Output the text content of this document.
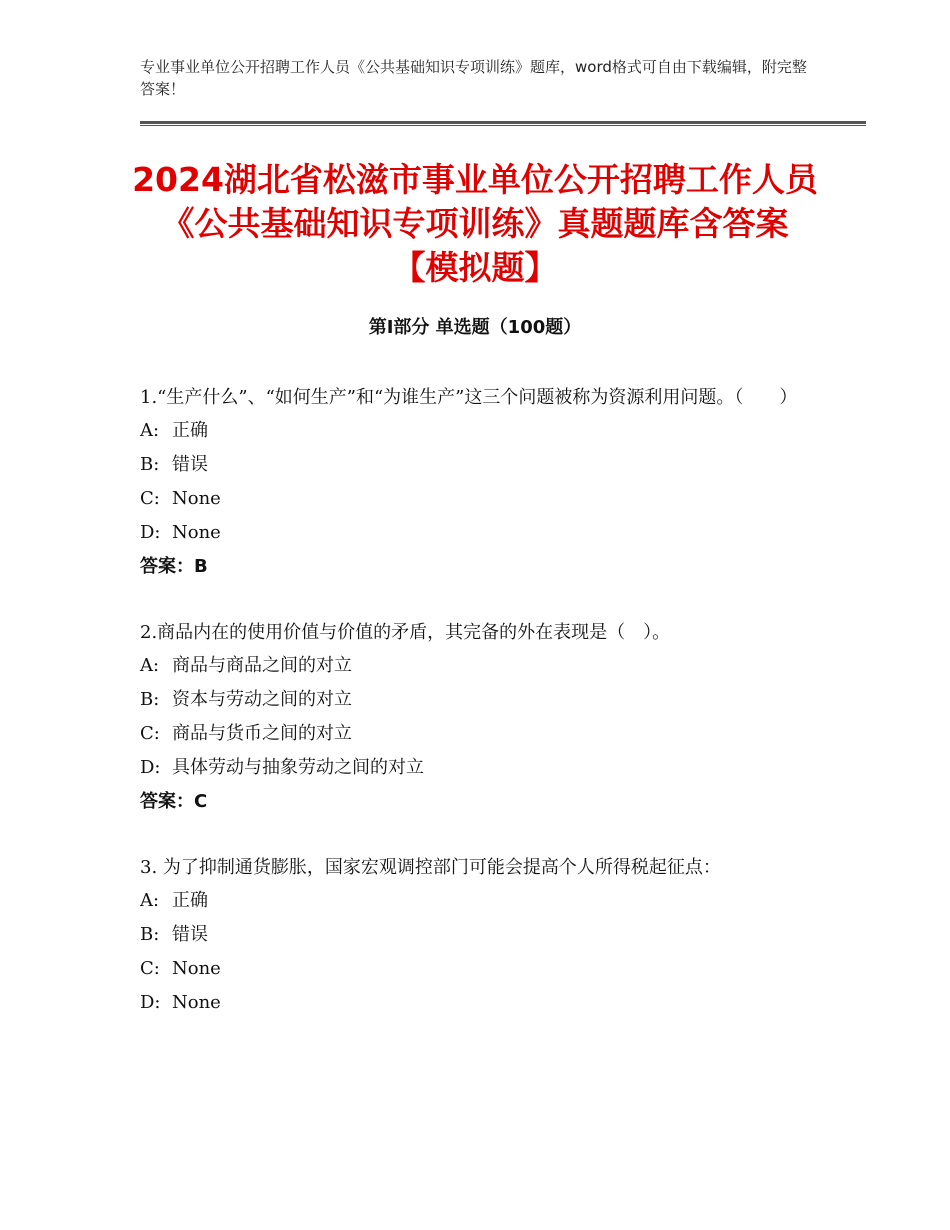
专业事业单位公开招聘工作人员《公共基础知识专项训练》题库，word格式可自由下载编辑，附完整答案！
2024湖北省松滋市事业单位公开招聘工作人员《公共基础知识专项训练》真题题库含答案【模拟题】
第Ⅰ部分 单选题（100题）

1.“生产什么”、“如何生产”和“为谁生产”这三个问题被称为资源利用问题。（　　）

A: 正确

B: 错误

C: None

D: None

答案：B

2.商品内在的使用价值与价值的矛盾，其完备的外在表现是（　）。

A: 商品与商品之间的对立

B: 资本与劳动之间的对立

C: 商品与货币之间的对立

D: 具体劳动与抽象劳动之间的对立

答案：C

3. 为了抑制通货膨胀，国家宏观调控部门可能会提高个人所得税起征点：

A: 正确

B: 错误

C: None

D: None
